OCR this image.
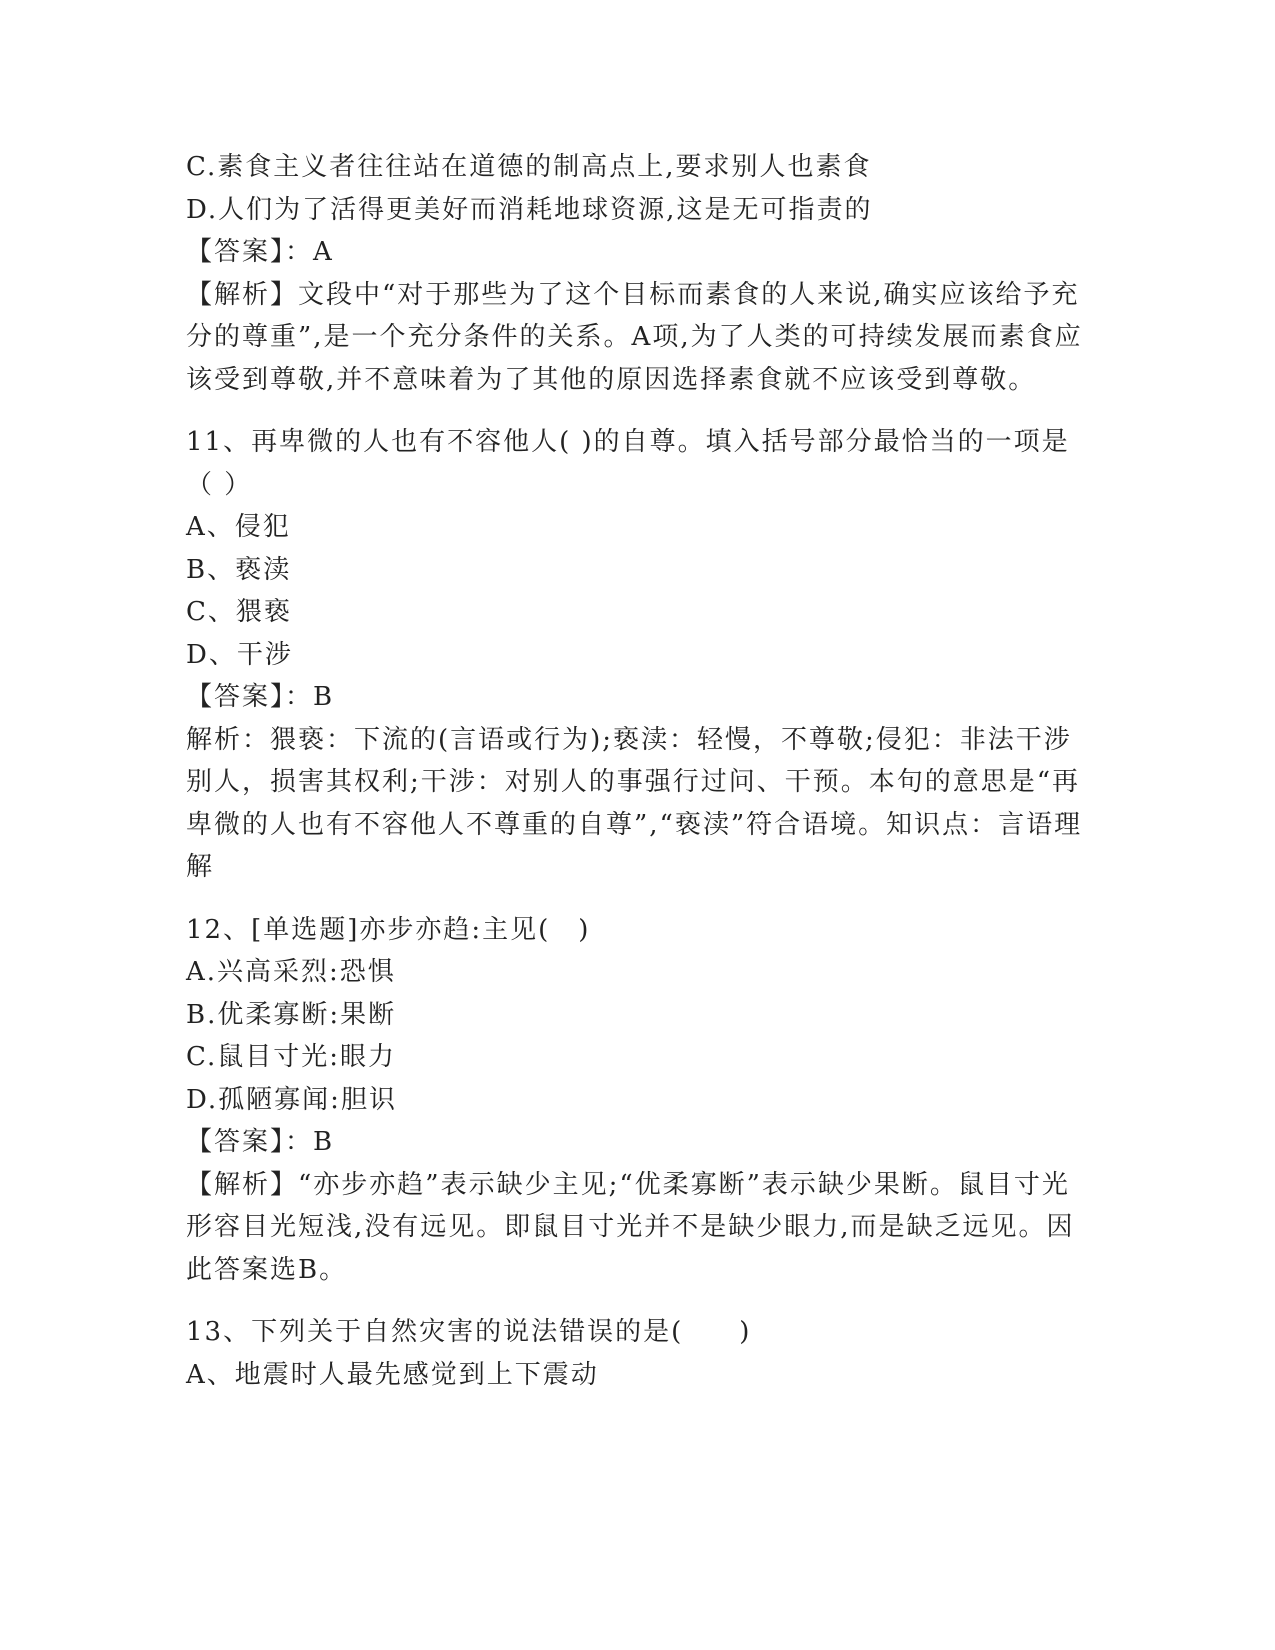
C.素食主义者往往站在道德的制高点上,要求别人也素食
D.人们为了活得更美好而消耗地球资源,这是无可指责的
【答案】：A
【解析】文段中“对于那些为了这个目标而素食的人来说,确实应该给予充分的尊重”,是一个充分条件的关系。A项,为了人类的可持续发展而素食应该受到尊敬,并不意味着为了其他的原因选择素食就不应该受到尊敬。
11、再卑微的人也有不容他人( )的自尊。填入括号部分最恰当的一项是（ ）
A、侵犯
B、亵渎
C、猥亵
D、干涉
【答案】：B
解析：猥亵：下流的(言语或行为);亵渎：轻慢，不尊敬;侵犯：非法干涉别人，损害其权利;干涉：对别人的事强行过问、干预。本句的意思是“再卑微的人也有不容他人不尊重的自尊”,“亵渎”符合语境。知识点：言语理解
12、[单选题]亦步亦趋:主见(　)
A.兴高采烈:恐惧
B.优柔寡断:果断
C.鼠目寸光:眼力
D.孤陋寡闻:胆识
【答案】：B
【解析】“亦步亦趋”表示缺少主见;“优柔寡断”表示缺少果断。鼠目寸光形容目光短浅,没有远见。即鼠目寸光并不是缺少眼力,而是缺乏远见。因此答案选B。
13、下列关于自然灾害的说法错误的是(　　)
A、地震时人最先感觉到上下震动
